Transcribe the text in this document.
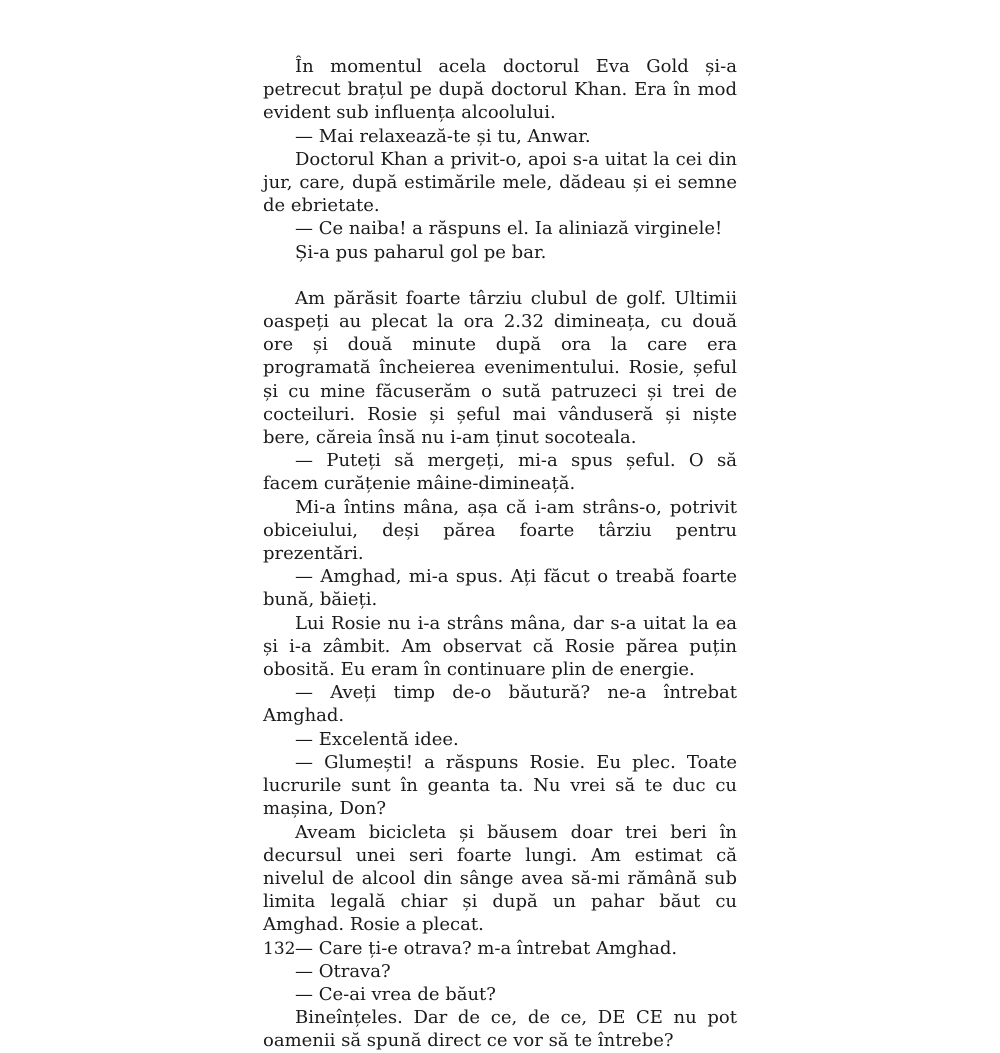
În momentul acela doctorul Eva Gold și-a petrecut brațul pe după doctorul Khan. Era în mod evident sub influența alcoolului.

— Mai relaxează-te și tu, Anwar.

Doctorul Khan a privit-o, apoi s-a uitat la cei din jur, care, după estimările mele, dădeau și ei semne de ebrietate.

— Ce naiba! a răspuns el. Ia aliniază virginele!

Și-a pus paharul gol pe bar.

Am părăsit foarte târziu clubul de golf. Ultimii oaspeți au plecat la ora 2.32 dimineața, cu două ore și două minute după ora la care era programată încheierea evenimentului. Rosie, șeful și cu mine făcuserăm o sută patruzeci și trei de cocteiluri. Rosie și șeful mai vânduseră și niște bere, căreia însă nu i-am ținut socoteala.

— Puteți să mergeți, mi-a spus șeful. O să facem curățenie mâine-dimineață.

Mi-a întins mâna, așa că i-am strâns-o, potrivit obiceiului, deși părea foarte târziu pentru prezentări.

— Amghad, mi-a spus. Ați făcut o treabă foarte bună, băieți.

Lui Rosie nu i-a strâns mâna, dar s-a uitat la ea și i-a zâmbit. Am observat că Rosie părea puțin obosită. Eu eram în continuare plin de energie.

— Aveți timp de-o băutură? ne-a întrebat Amghad.

— Excelentă idee.

— Glumești! a răspuns Rosie. Eu plec. Toate lucrurile sunt în geanta ta. Nu vrei să te duc cu mașina, Don?

Aveam bicicleta și băusem doar trei beri în decursul unei seri foarte lungi. Am estimat că nivelul de alcool din sânge avea să-mi rămână sub limita legală chiar și după un pahar băut cu Amghad. Rosie a plecat.

— Care ți-e otrava? m-a întrebat Amghad.

— Otrava?

— Ce-ai vrea de băut?

Bineînțeles. Dar de ce, de ce, DE CE nu pot oamenii să spună direct ce vor să te întrebe?

132
